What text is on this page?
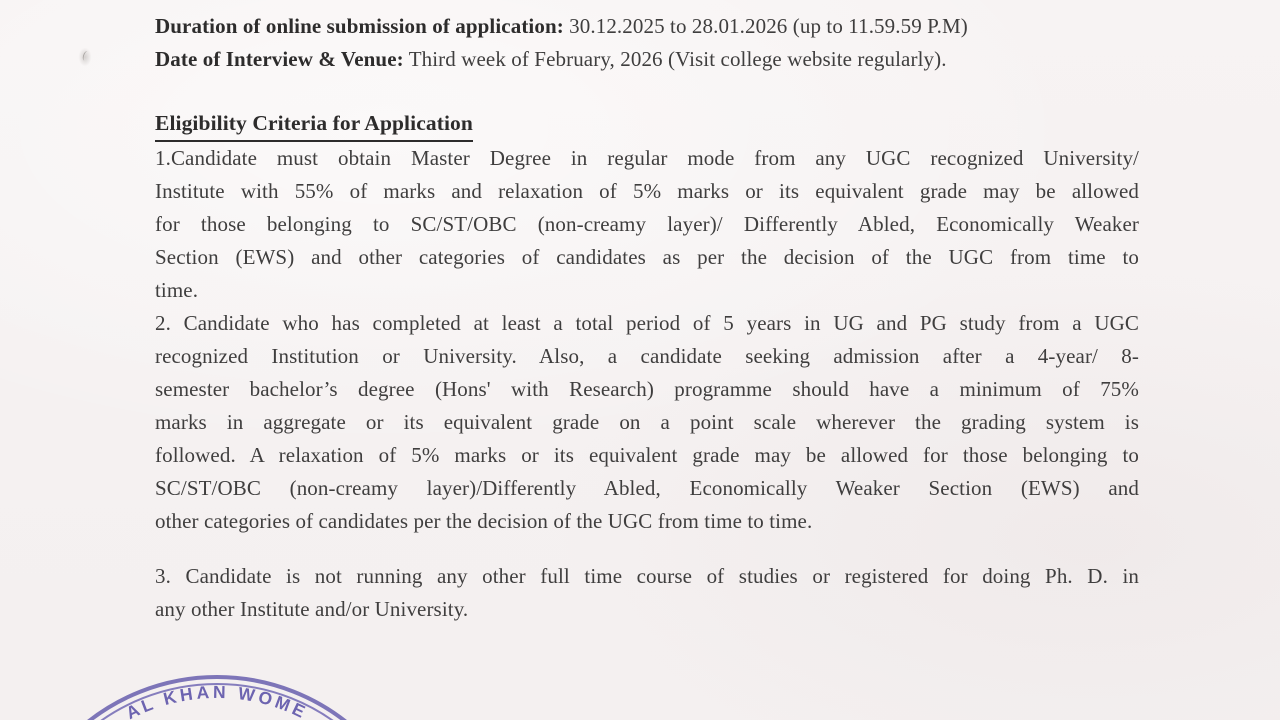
Duration of online submission of application: 30.12.2025 to 28.01.2026 (up to 11.59.59 P.M)
Date of Interview & Venue: Third week of February, 2026 (Visit college website regularly).
Eligibility Criteria for Application
1.Candidate must obtain Master Degree in regular mode from any UGC recognized University/
Institute with 55% of marks and relaxation of 5% marks or its equivalent grade may be allowed
for those belonging to SC/ST/OBC (non-creamy layer)/ Differently Abled, Economically Weaker
Section (EWS) and other categories of candidates as per the decision of the UGC from time to
time.
2. Candidate who has completed at least a total period of 5 years in UG and PG study from a UGC
recognized Institution or University. Also, a candidate seeking admission after a 4-year/ 8-
semester bachelor’s degree (Hons' with Research) programme should have a minimum of 75%
marks in aggregate or its equivalent grade on a point scale wherever the grading system is
followed. A relaxation of 5% marks or its equivalent grade may be allowed for those belonging to
SC/ST/OBC (non-creamy layer)/Differently Abled, Economically Weaker Section (EWS) and
other categories of candidates per the decision of the UGC from time to time.
3. Candidate is not running any other full time course of studies or registered for doing Ph. D. in
any other Institute and/or University.
AL KHAN WOME
